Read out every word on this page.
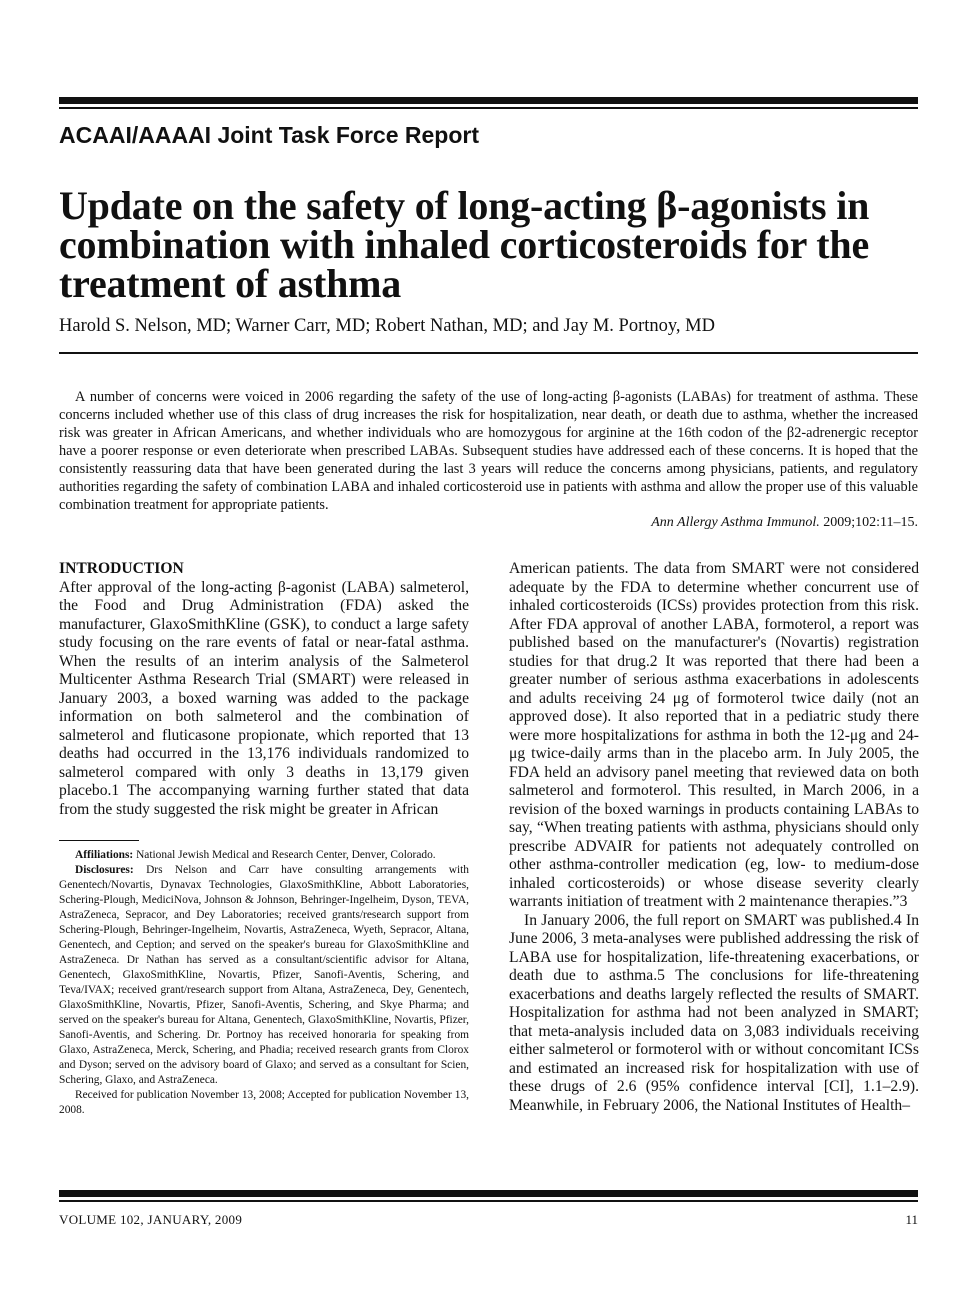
ACAAI/AAAAI Joint Task Force Report
Update on the safety of long-acting β-agonists in combination with inhaled corticosteroids for the treatment of asthma
Harold S. Nelson, MD; Warner Carr, MD; Robert Nathan, MD; and Jay M. Portnoy, MD

A number of concerns were voiced in 2006 regarding the safety of the use of long-acting β-agonists (LABAs) for treatment of asthma. These concerns included whether use of this class of drug increases the risk for hospitalization, near death, or death due to asthma, whether the increased risk was greater in African Americans, and whether individuals who are homozygous for arginine at the 16th codon of the β2-adrenergic receptor have a poorer response or even deteriorate when prescribed LABAs. Subsequent studies have addressed each of these concerns. It is hoped that the consistently reassuring data that have been generated during the last 3 years will reduce the concerns among physicians, patients, and regulatory authorities regarding the safety of combination LABA and inhaled corticosteroid use in patients with asthma and allow the proper use of this valuable combination treatment for appropriate patients.

Ann Allergy Asthma Immunol. 2009;102:11–15.

INTRODUCTION

After approval of the long-acting β-agonist (LABA) salmeterol, the Food and Drug Administration (FDA) asked the manufacturer, GlaxoSmithKline (GSK), to conduct a large safety study focusing on the rare events of fatal or near-fatal asthma. When the results of an interim analysis of the Salmeterol Multicenter Asthma Research Trial (SMART) were released in January 2003, a boxed warning was added to the package information on both salmeterol and the combination of salmeterol and fluticasone propionate, which reported that 13 deaths had occurred in the 13,176 individuals randomized to salmeterol compared with only 3 deaths in 13,179 given placebo.1 The accompanying warning further stated that data from the study suggested the risk might be greater in African

Affiliations: National Jewish Medical and Research Center, Denver, Colorado.

Disclosures: Drs Nelson and Carr have consulting arrangements with Genentech/Novartis, Dynavax Technologies, GlaxoSmithKline, Abbott Laboratories, Schering-Plough, MediciNova, Johnson & Johnson, Behringer-Ingelheim, Dyson, TEVA, AstraZeneca, Sepracor, and Dey Laboratories; received grants/research support from Schering-Plough, Behringer-Ingelheim, Novartis, AstraZeneca, Wyeth, Sepracor, Altana, Genentech, and Ception; and served on the speaker's bureau for GlaxoSmithKline and AstraZeneca. Dr Nathan has served as a consultant/scientific advisor for Altana, Genentech, GlaxoSmithKline, Novartis, Pfizer, Sanofi-Aventis, Schering, and Teva/IVAX; received grant/research support from Altana, AstraZeneca, Dey, Genentech, GlaxoSmithKline, Novartis, Pfizer, Sanofi-Aventis, Schering, and Skye Pharma; and served on the speaker's bureau for Altana, Genentech, GlaxoSmithKline, Novartis, Pfizer, Sanofi-Aventis, and Schering. Dr. Portnoy has received honoraria for speaking from Glaxo, AstraZeneca, Merck, Schering, and Phadia; received research grants from Clorox and Dyson; served on the advisory board of Glaxo; and served as a consultant for Scien, Schering, Glaxo, and AstraZeneca.

Received for publication November 13, 2008; Accepted for publication November 13, 2008.

American patients. The data from SMART were not considered adequate by the FDA to determine whether concurrent use of inhaled corticosteroids (ICSs) provides protection from this risk. After FDA approval of another LABA, formoterol, a report was published based on the manufacturer's (Novartis) registration studies for that drug.2 It was reported that there had been a greater number of serious asthma exacerbations in adolescents and adults receiving 24 μg of formoterol twice daily (not an approved dose). It also reported that in a pediatric study there were more hospitalizations for asthma in both the 12-μg and 24-μg twice-daily arms than in the placebo arm. In July 2005, the FDA held an advisory panel meeting that reviewed data on both salmeterol and formoterol. This resulted, in March 2006, in a revision of the boxed warnings in products containing LABAs to say, “When treating patients with asthma, physicians should only prescribe ADVAIR for patients not adequately controlled on other asthma-controller medication (eg, low- to medium-dose inhaled corticosteroids) or whose disease severity clearly warrants initiation of treatment with 2 maintenance therapies.”3

In January 2006, the full report on SMART was published.4 In June 2006, 3 meta-analyses were published addressing the risk of LABA use for hospitalization, life-threatening exacerbations, or death due to asthma.5 The conclusions for life-threatening exacerbations and deaths largely reflected the results of SMART. Hospitalization for asthma had not been analyzed in SMART; that meta-analysis included data on 3,083 individuals receiving either salmeterol or formoterol with or without concomitant ICSs and estimated an increased risk for hospitalization with use of these drugs of 2.6 (95% confidence interval [CI], 1.1–2.9). Meanwhile, in February 2006, the National Institutes of Health–

VOLUME 102, JANUARY, 2009	11
